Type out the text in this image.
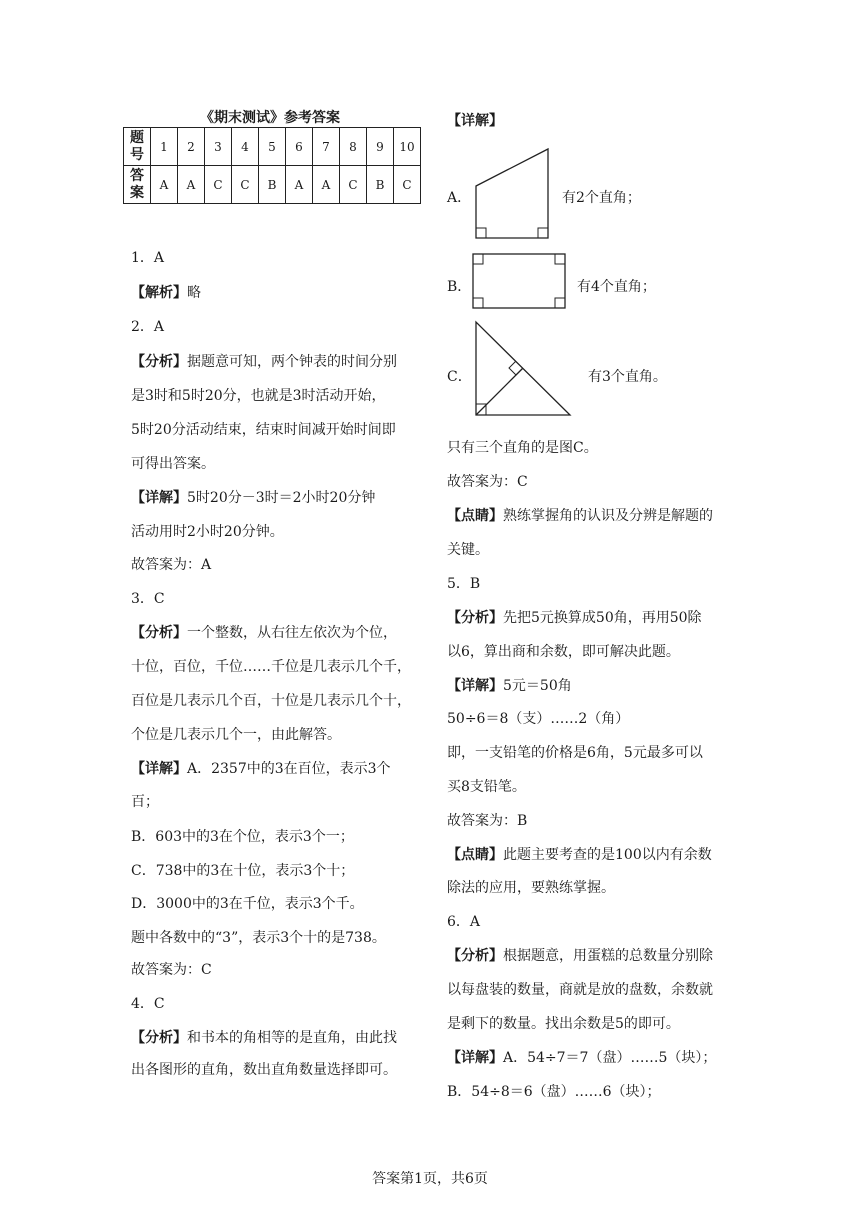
《期末测试》参考答案
题
号	1	2	3	4	5	6	7	8	9	10
答
案	A	A	C	C	B	A	A	C	B	C
1．A
【解析】略
2．A
【分析】据题意可知，两个钟表的时间分别
是3时和5时20分，也就是3时活动开始，
5时20分活动结束，结束时间减开始时间即
可得出答案。
【详解】5时20分－3时＝2小时20分钟
活动用时2小时20分钟。
故答案为：A
3．C
【分析】一个整数，从右往左依次为个位，
十位，百位，千位……千位是几表示几个千，
百位是几表示几个百，十位是几表示几个十，
个位是几表示几个一，由此解答。
【详解】A．2357中的3在百位，表示3个
百；
B．603中的3在个位，表示3个一；
C．738中的3在十位，表示3个十；
D．3000中的3在千位，表示3个千。
题中各数中的“3”，表示3个十的是738。
故答案为：C
4．C
【分析】和书本的角相等的是直角，由此找
出各图形的直角，数出直角数量选择即可。
【详解】
A．	有2个直角；
B．	有4个直角；
C．	有3个直角。
只有三个直角的是图C。
故答案为：C
【点睛】熟练掌握角的认识及分辨是解题的
关键。
5．B
【分析】先把5元换算成50角，再用50除
以6，算出商和余数，即可解决此题。
【详解】5元＝50角
50÷6＝8（支）……2（角）
即，一支铅笔的价格是6角，5元最多可以
买8支铅笔。
故答案为：B
【点睛】此题主要考查的是100以内有余数
除法的应用，要熟练掌握。
6．A
【分析】根据题意，用蛋糕的总数量分别除
以每盘装的数量，商就是放的盘数，余数就
是剩下的数量。找出余数是5的即可。
【详解】A．54÷7＝7（盘）……5（块）；
B．54÷8＝6（盘）……6（块）；
答案第1页，共6页
